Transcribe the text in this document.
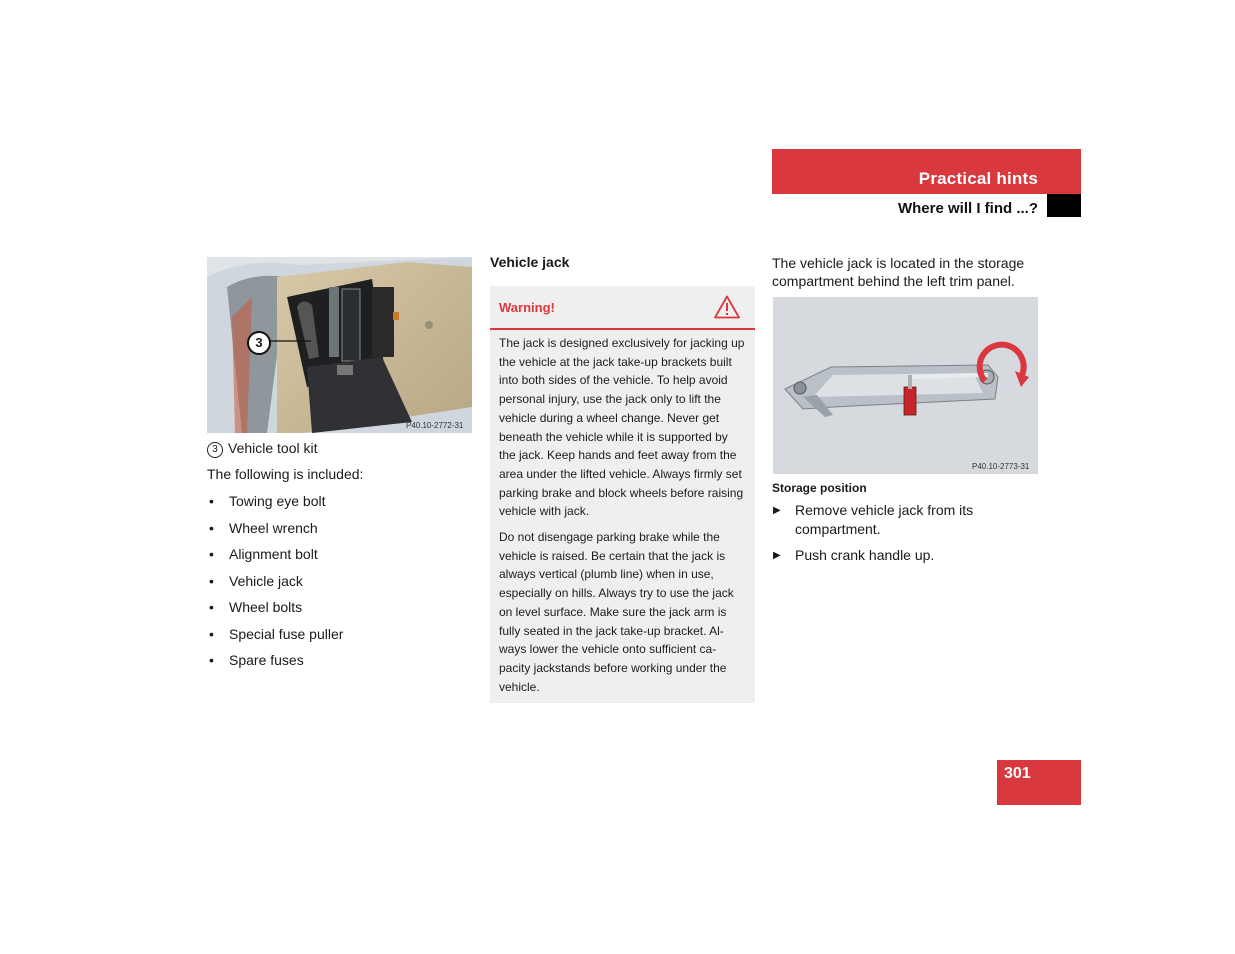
Practical hints
Where will I find ...?
3
P40.10-2772-31
3 Vehicle tool kit
The following is included:
• Towing eye bolt
• Wheel wrench
• Alignment bolt
• Vehicle jack
• Wheel bolts
• Special fuse puller
• Spare fuses
Vehicle jack
Warning!

The jack is designed exclusively for jacking up the vehicle at the jack take-up brackets built into both sides of the vehicle. To help avoid personal injury, use the jack only to lift the vehicle during a wheel change. Never get beneath the vehicle while it is supported by the jack. Keep hands and feet away from the area under the lifted vehicle. Always firmly set parking brake and block wheels before raising vehicle with jack.

Do not disengage parking brake while the vehicle is raised. Be certain that the jack is always vertical (plumb line) when in use, especially on hills. Always try to use the jack on level surface. Make sure the jack arm is fully seated in the jack take-up bracket. Al-ways lower the vehicle onto sufficient ca-pacity jackstands before working under the vehicle.

The vehicle jack is located in the storage compartment behind the left trim panel.
P40.10-2773-31
Storage position
▶ Remove vehicle jack from its compartment.
▶ Push crank handle up.
301
